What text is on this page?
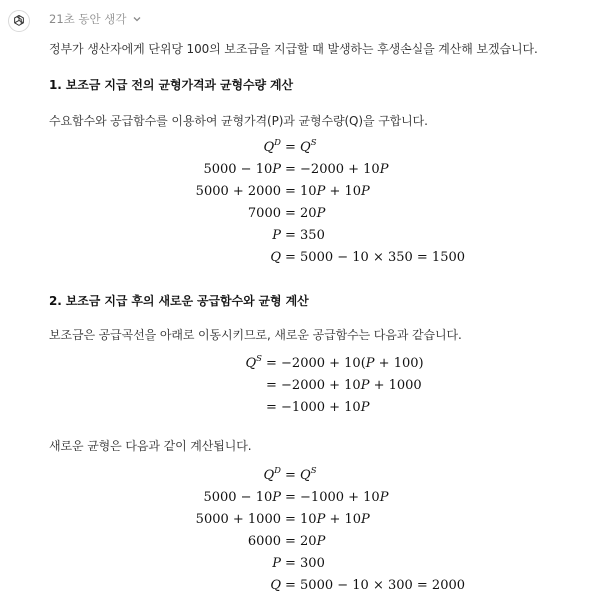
21초 동안 생각
정부가 생산자에게 단위당 100의 보조금을 지급할 때 발생하는 후생손실을 계산해 보겠습니다.
1. 보조금 지급 전의 균형가격과 균형수량 계산
수요함수와 공급함수를 이용하여 균형가격(P)과 균형수량(Q)을 구합니다.
$Q^D = Q^S$
5000 − 10P = −2000 + 10P
5000 + 2000 = 10P + 10P
7000 = 20P
P = 350
Q = 5000 − 10 × 350 = 1500
2. 보조금 지급 후의 새로운 공급함수와 균형 계산
보조금은 공급곡선을 아래로 이동시키므로, 새로운 공급함수는 다음과 같습니다.
$Q^S = -2000 + 10(P + 100)$
= −2000 + 10P + 1000
= −1000 + 10P
새로운 균형은 다음과 같이 계산됩니다.
$Q^D = Q^S$
5000 − 10P = −1000 + 10P
5000 + 1000 = 10P + 10P
6000 = 20P
P = 300
Q = 5000 − 10 × 300 = 2000
